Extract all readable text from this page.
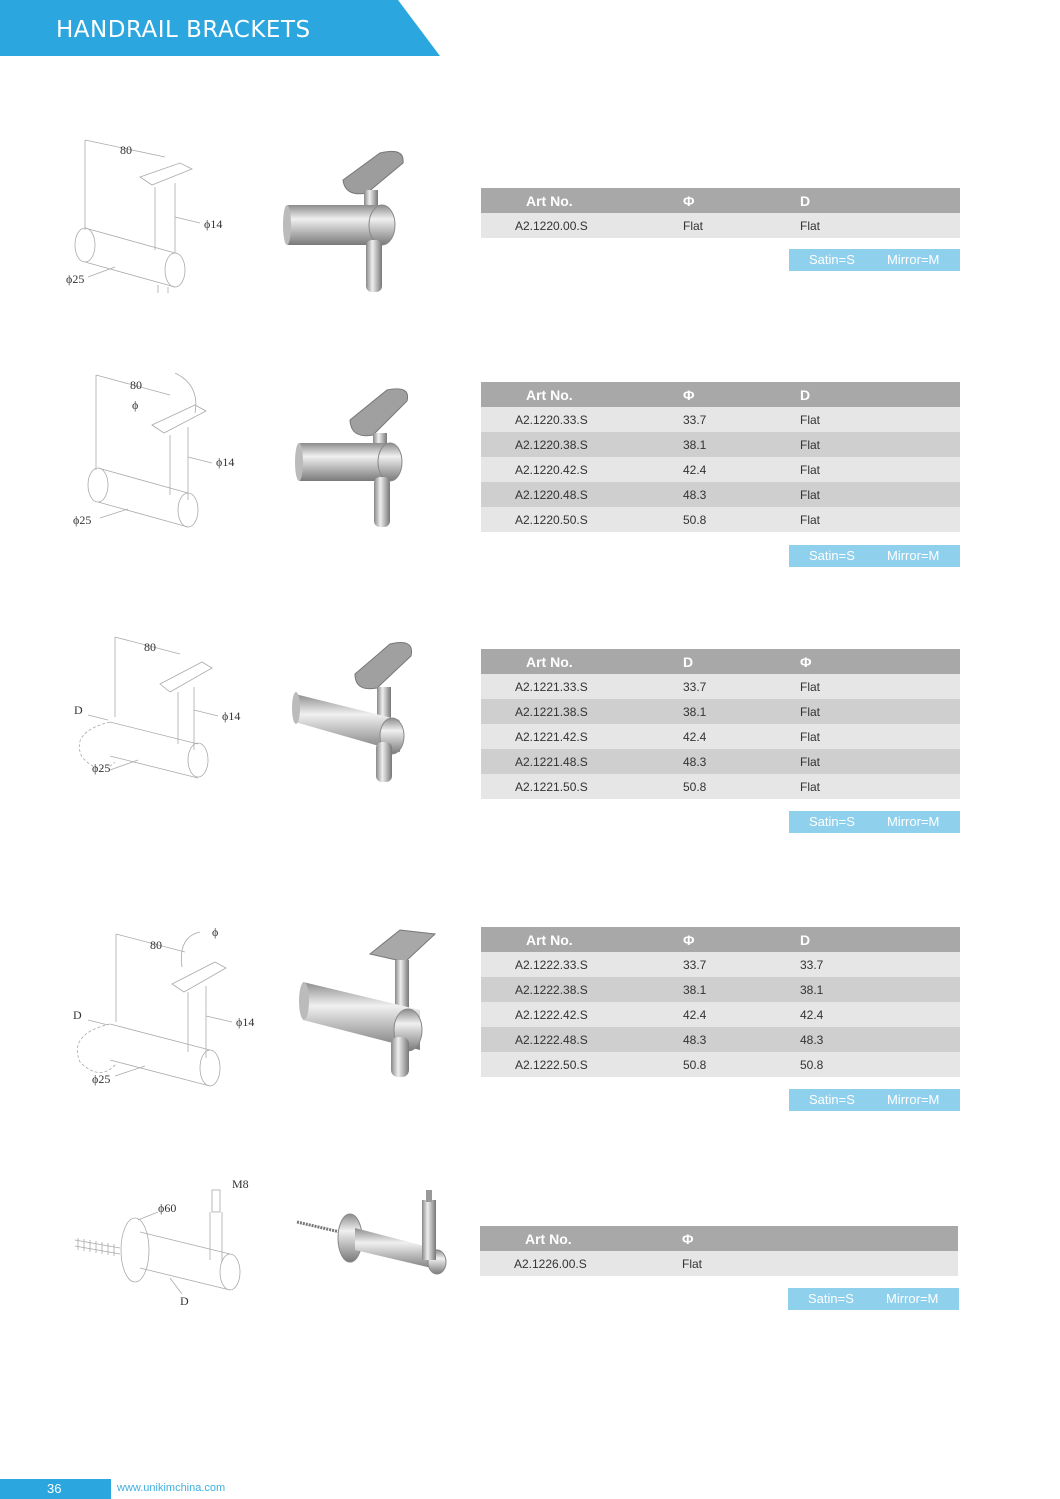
HANDRAIL BRACKETS
80
ϕ14
ϕ25
Art No.	Φ	D
A2.1220.00.S	Flat	Flat
Satin=S Mirror=M
80
ϕ
ϕ14
ϕ25
Art No.	Φ	D
A2.1220.33.S	33.7	Flat
A2.1220.38.S	38.1	Flat
A2.1220.42.S	42.4	Flat
A2.1220.48.S	48.3	Flat
A2.1220.50.S	50.8	Flat
Satin=S Mirror=M
80
D	ϕ14
ϕ25
Art No.	D	Φ
A2.1221.33.S	33.7	Flat
A2.1221.38.S	38.1	Flat
A2.1221.42.S	42.4	Flat
A2.1221.48.S	48.3	Flat
A2.1221.50.S	50.8	Flat
Satin=S Mirror=M
80
ϕ
D	ϕ14
ϕ25
Art No.	Φ	D
A2.1222.33.S	33.7	33.7
A2.1222.38.S	38.1	38.1
A2.1222.42.S	42.4	42.4
A2.1222.48.S	48.3	48.3
A2.1222.50.S	50.8	50.8
Satin=S Mirror=M
M8
ϕ60
D
Art No.	Φ
A2.1226.00.S	Flat
Satin=S Mirror=M
36	www.unikimchina.com
